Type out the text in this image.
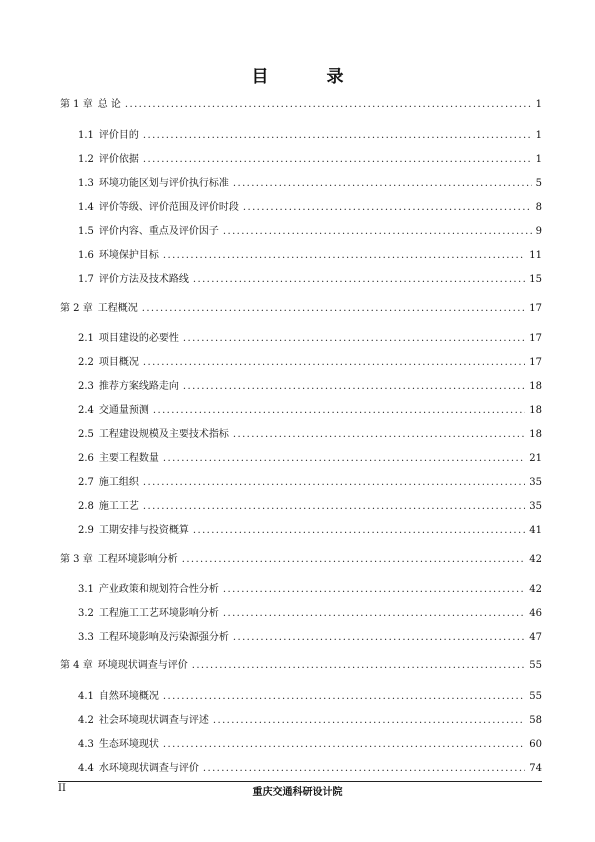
目 录
第 1 章 总 论 .....	1
1.1 评价目的 .....	1
1.2 评价依据 .....	1
1.3 环境功能区划与评价执行标准 .....	5
1.4 评价等级、评价范围及评价时段 .....	8
1.5 评价内容、重点及评价因子 .....	9
1.6 环境保护目标 .....	11
1.7 评价方法及技术路线 .....	15
第 2 章 工程概况 .....	17
2.1 项目建设的必要性 .....	17
2.2 项目概况 .....	17
2.3 推荐方案线路走向 .....	18
2.4 交通量预测 .....	18
2.5 工程建设规模及主要技术指标 .....	18
2.6 主要工程数量 .....	21
2.7 施工组织 .....	35
2.8 施工工艺 .....	35
2.9 工期安排与投资概算 .....	41
第 3 章 工程环境影响分析 .....	42
3.1 产业政策和规划符合性分析 .....	42
3.2 工程施工工艺环境影响分析 .....	46
3.3 工程环境影响及污染源强分析 .....	47
第 4 章 环境现状调查与评价 .....	55
4.1 自然环境概况 .....	55
4.2 社会环境现状调查与评述 .....	58
4.3 生态环境现状 .....	60
4.4 水环境现状调查与评价 .....	74
II	重庆交通科研设计院
